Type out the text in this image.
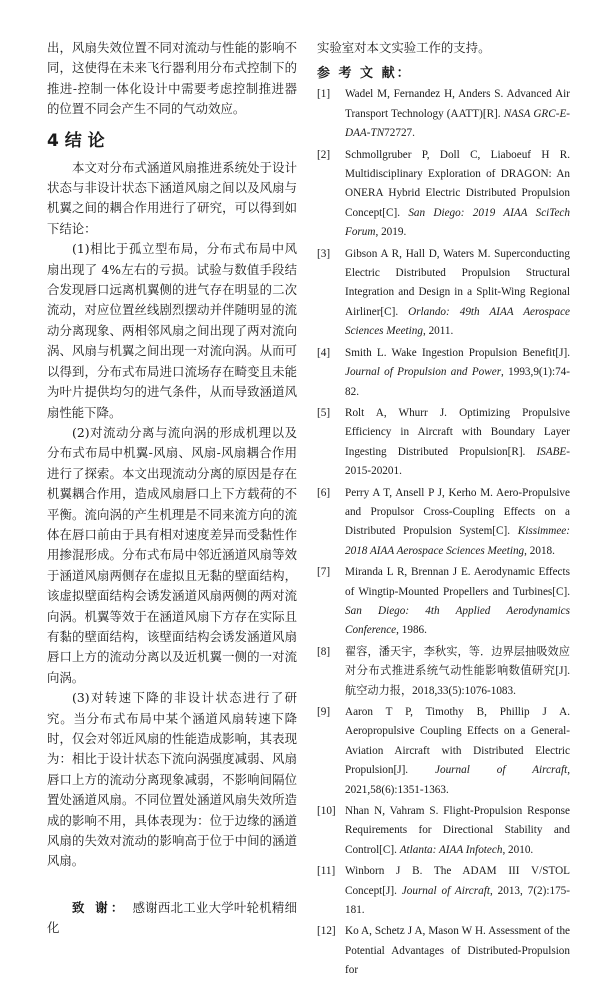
出，风扇失效位置不同对流动与性能的影响不同，这使得在未来飞行器利用分布式控制下的推进-控制一体化设计中需要考虑控制推进器的位置不同会产生不同的气动效应。

4 结 论

本文对分布式涵道风扇推进系统处于设计状态与非设计状态下涵道风扇之间以及风扇与机翼之间的耦合作用进行了研究，可以得到如下结论：

(1)相比于孤立型布局，分布式布局中风扇出现了 4%左右的亏损。试验与数值手段结合发现唇口远离机翼侧的进气存在明显的二次流动，对应位置丝线剧烈摆动并伴随明显的流动分离现象、两相邻风扇之间出现了两对流向涡、风扇与机翼之间出现一对流向涡。从而可以得到，分布式布局进口流场存在畸变且未能为叶片提供均匀的进气条件，从而导致涵道风扇性能下降。

(2)对流动分离与流向涡的形成机理以及分布式布局中机翼-风扇、风扇-风扇耦合作用进行了探索。本文出现流动分离的原因是存在机翼耦合作用，造成风扇唇口上下方载荷的不平衡。流向涡的产生机理是不同来流方向的流体在唇口前由于具有相对速度差异而受黏性作用掺混形成。分布式布局中邻近涵道风扇等效于涵道风扇两侧存在虚拟且无黏的壁面结构，该虚拟壁面结构会诱发涵道风扇两侧的两对流向涡。机翼等效于在涵道风扇下方存在实际且有黏的壁面结构，该壁面结构会诱发涵道风扇唇口上方的流动分离以及近机翼一侧的一对流向涡。

(3)对转速下降的非设计状态进行了研究。当分布式布局中某个涵道风扇转速下降时，仅会对邻近风扇的性能造成影响，其表现为：相比于设计状态下流向涡强度减弱、风扇唇口上方的流动分离现象减弱，不影响间隔位置处涵道风扇。不同位置处涵道风扇失效所造成的影响不用，具体表现为：位于边缘的涵道风扇的失效对流动的影响高于位于中间的涵道风扇。

致 谢： 感谢西北工业大学叶轮机精细化

实验室对本文实验工作的支持。

参 考 文 献：
[1] Wadel M, Fernandez H, Anders S. Advanced Air Transport Technology (AATT)[R]. NASA GRC-E-DAA-TN72727.
[2] Schmollgruber P, Doll C, Liaboeuf H R. Multidisciplinary Exploration of DRAGON: An ONERA Hybrid Electric Distributed Propulsion Concept[C]. San Diego: 2019 AIAA SciTech Forum, 2019.
[3] Gibson A R, Hall D, Waters M. Superconducting Electric Distributed Propulsion Structural Integration and Design in a Split-Wing Regional Airliner[C]. Orlando: 49th AIAA Aerospace Sciences Meeting, 2011.
[4] Smith L. Wake Ingestion Propulsion Benefit[J]. Journal of Propulsion and Power, 1993,9(1):74-82.
[5] Rolt A, Whurr J. Optimizing Propulsive Efficiency in Aircraft with Boundary Layer Ingesting Distributed Propulsion[R]. ISABE-2015-20201.
[6] Perry A T, Ansell P J, Kerho M. Aero-Propulsive and Propulsor Cross-Coupling Effects on a Distributed Propulsion System[C]. Kissimmee: 2018 AIAA Aerospace Sciences Meeting, 2018.
[7] Miranda L R, Brennan J E. Aerodynamic Effects of Wingtip-Mounted Propellers and Turbines[C]. San Diego: 4th Applied Aerodynamics Conference, 1986.
[8] 翟容，潘天宇，李秋实，等．边界层抽吸效应对分布式推进系统气动性能影响数值研究[J].航空动力报，2018,33(5):1076-1083.
[9] Aaron T P, Timothy B, Phillip J A. Aeropropulsive Coupling Effects on a General-Aviation Aircraft with Distributed Electric Propulsion[J]. Journal of Aircraft, 2021,58(6):1351-1363.
[10] Nhan N, Vahram S. Flight-Propulsion Response Requirements for Directional Stability and Control[C]. Atlanta: AIAA Infotech, 2010.
[11] Winborn J B. The ADAM III V/STOL Concept[J]. Journal of Aircraft, 2013, 7(2):175-181.
[12] Ko A, Schetz J A, Mason W H. Assessment of the Potential Advantages of Distributed-Propulsion for
